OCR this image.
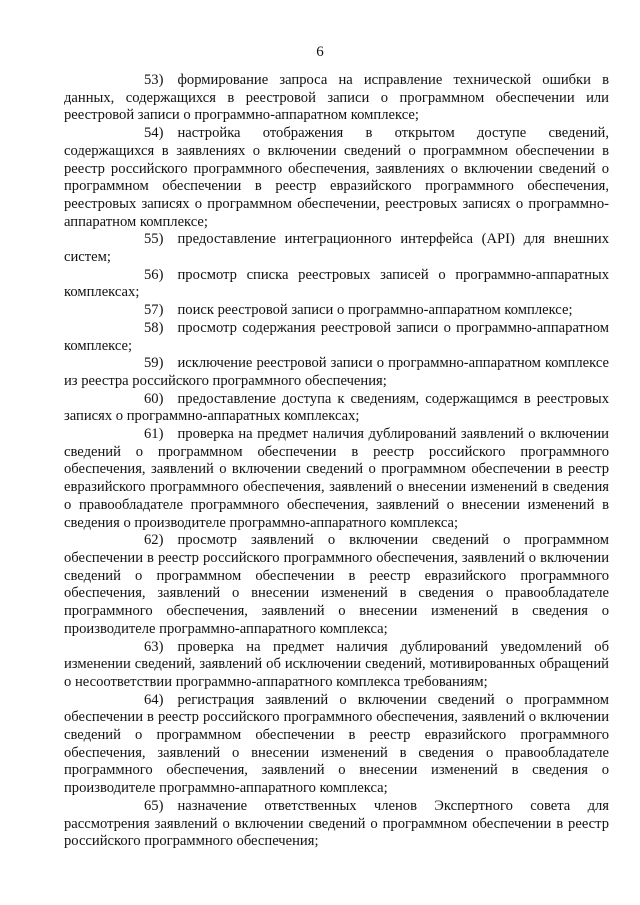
6

53) формирование запроса на исправление технической ошибки в данных, содержащихся в реестровой записи о программном обеспечении или реестровой записи о программно-аппаратном комплексе;

54) настройка отображения в открытом доступе сведений, содержащихся в заявлениях о включении сведений о программном обеспечении в реестр российского программного обеспечения, заявлениях о включении сведений о программном обеспечении в реестр евразийского программного обеспечения, реестровых записях о программном обеспечении, реестровых записях о программно-аппаратном комплексе;

55) предоставление интеграционного интерфейса (API) для внешних систем;

56) просмотр списка реестровых записей о программно-аппаратных комплексах;

57) поиск реестровой записи о программно-аппаратном комплексе;

58) просмотр содержания реестровой записи о программно-аппаратном комплексе;

59) исключение реестровой записи о программно-аппаратном комплексе из реестра российского программного обеспечения;

60) предоставление доступа к сведениям, содержащимся в реестровых записях о программно-аппаратных комплексах;

61) проверка на предмет наличия дублирований заявлений о включении сведений о программном обеспечении в реестр российского программного обеспечения, заявлений о включении сведений о программном обеспечении в реестр евразийского программного обеспечения, заявлений о внесении изменений в сведения о правообладателе программного обеспечения, заявлений о внесении изменений в сведения о производителе программно-аппаратного комплекса;

62) просмотр заявлений о включении сведений о программном обеспечении в реестр российского программного обеспечения, заявлений о включении сведений о программном обеспечении в реестр евразийского программного обеспечения, заявлений о внесении изменений в сведения о правообладателе программного обеспечения, заявлений о внесении изменений в сведения о производителе программно-аппаратного комплекса;

63) проверка на предмет наличия дублирований уведомлений об изменении сведений, заявлений об исключении сведений, мотивированных обращений о несоответствии программно-аппаратного комплекса требованиям;

64) регистрация заявлений о включении сведений о программном обеспечении в реестр российского программного обеспечения, заявлений о включении сведений о программном обеспечении в реестр евразийского программного обеспечения, заявлений о внесении изменений в сведения о правообладателе программного обеспечения, заявлений о внесении изменений в сведения о производителе программно-аппаратного комплекса;

65) назначение ответственных членов Экспертного совета для рассмотрения заявлений о включении сведений о программном обеспечении в реестр российского программного обеспечения;
